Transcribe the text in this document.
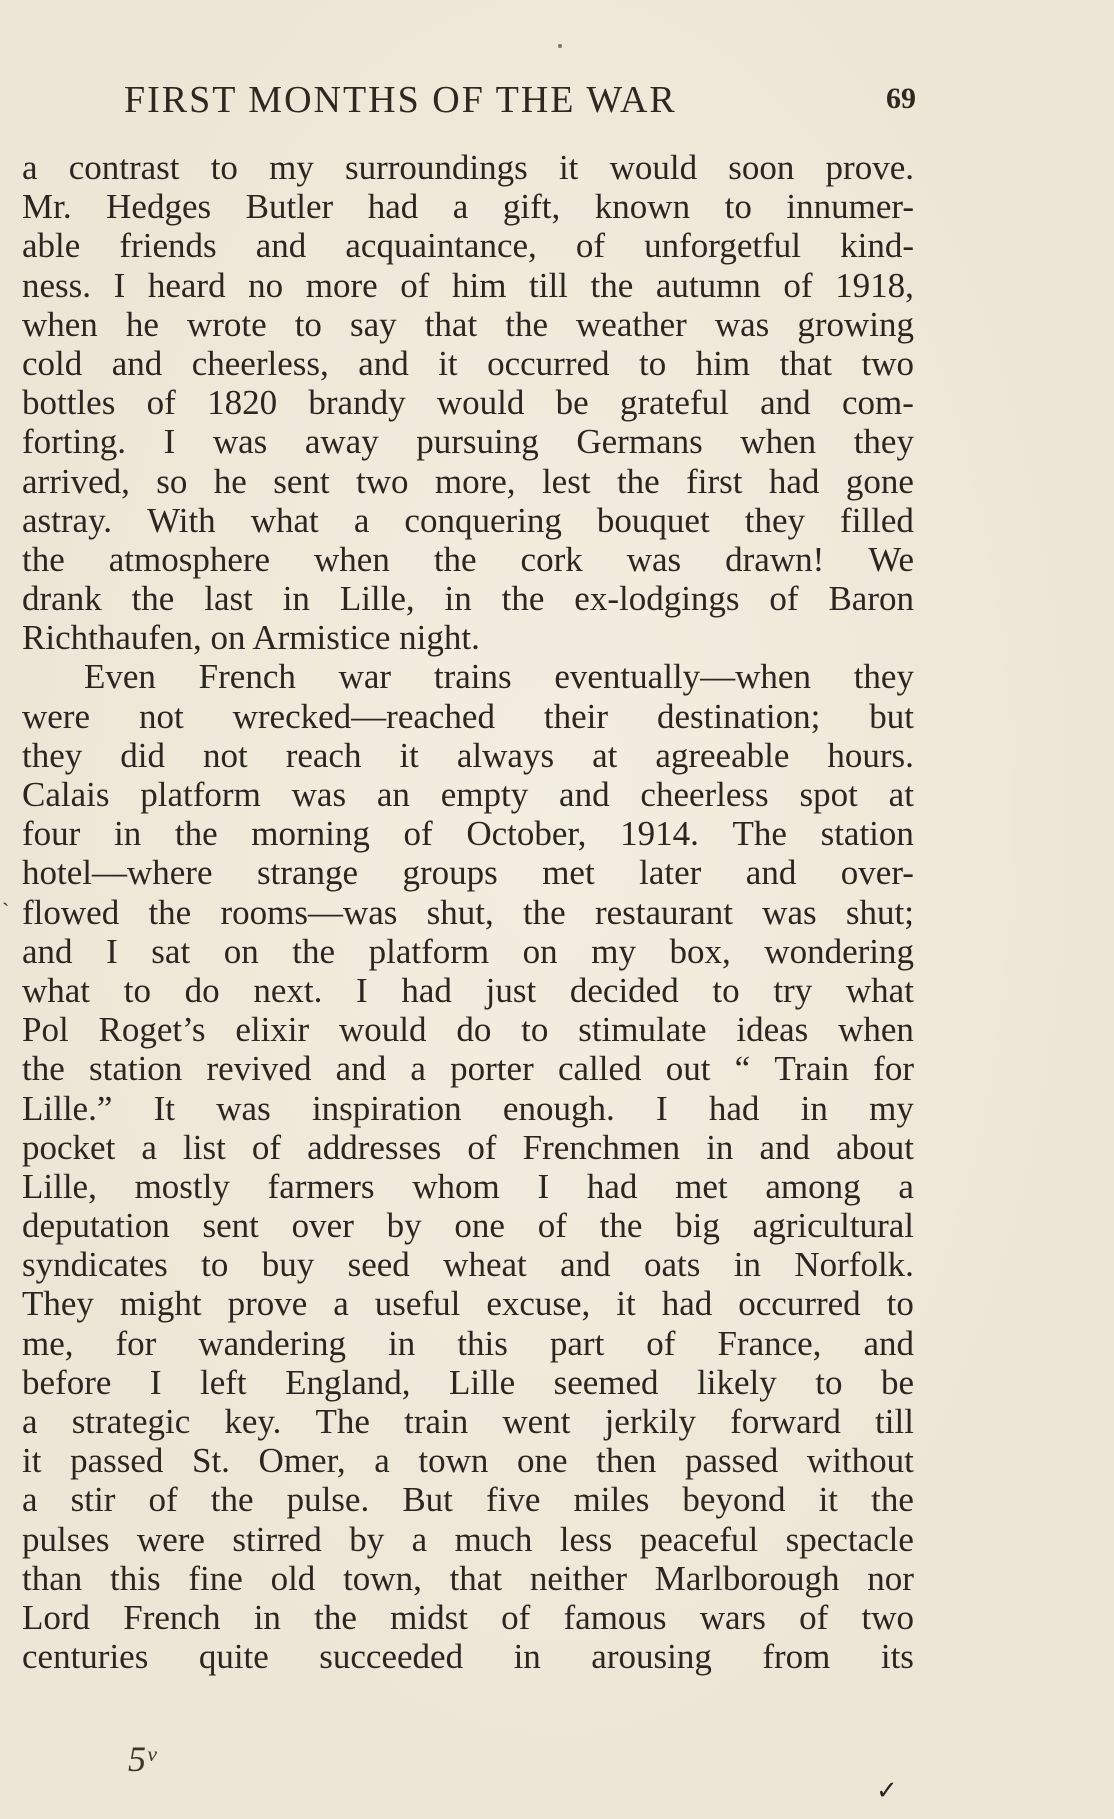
FIRST MONTHS OF THE WAR	69
a contrast to my surroundings it would soon prove.
Mr. Hedges Butler had a gift, known to innumer-
able friends and acquaintance, of unforgetful kind-
ness. I heard no more of him till the autumn of 1918,
when he wrote to say that the weather was growing
cold and cheerless, and it occurred to him that two
bottles of 1820 brandy would be grateful and com-
forting. I was away pursuing Germans when they
arrived, so he sent two more, lest the first had gone
astray. With what a conquering bouquet they filled
the atmosphere when the cork was drawn! We
drank the last in Lille, in the ex-lodgings of Baron
Richthaufen, on Armistice night.
Even French war trains eventually—when they
were not wrecked—reached their destination; but
they did not reach it always at agreeable hours.
Calais platform was an empty and cheerless spot at
four in the morning of October, 1914. The station
hotel—where strange groups met later and over-
flowed the rooms—was shut, the restaurant was shut;
and I sat on the platform on my box, wondering
what to do next. I had just decided to try what
Pol Roget’s elixir would do to stimulate ideas when
the station revived and a porter called out “ Train for
Lille.” It was inspiration enough. I had in my
pocket a list of addresses of Frenchmen in and about
Lille, mostly farmers whom I had met among a
deputation sent over by one of the big agricultural
syndicates to buy seed wheat and oats in Norfolk.
They might prove a useful excuse, it had occurred to
me, for wandering in this part of France, and
before I left England, Lille seemed likely to be
a strategic key. The train went jerkily forward till
it passed St. Omer, a town one then passed without
a stir of the pulse. But five miles beyond it the
pulses were stirred by a much less peaceful spectacle
than this fine old town, that neither Marlborough nor
Lord French in the midst of famous wars of two
centuries quite succeeded in arousing from its
`
5ᵛ
✓
